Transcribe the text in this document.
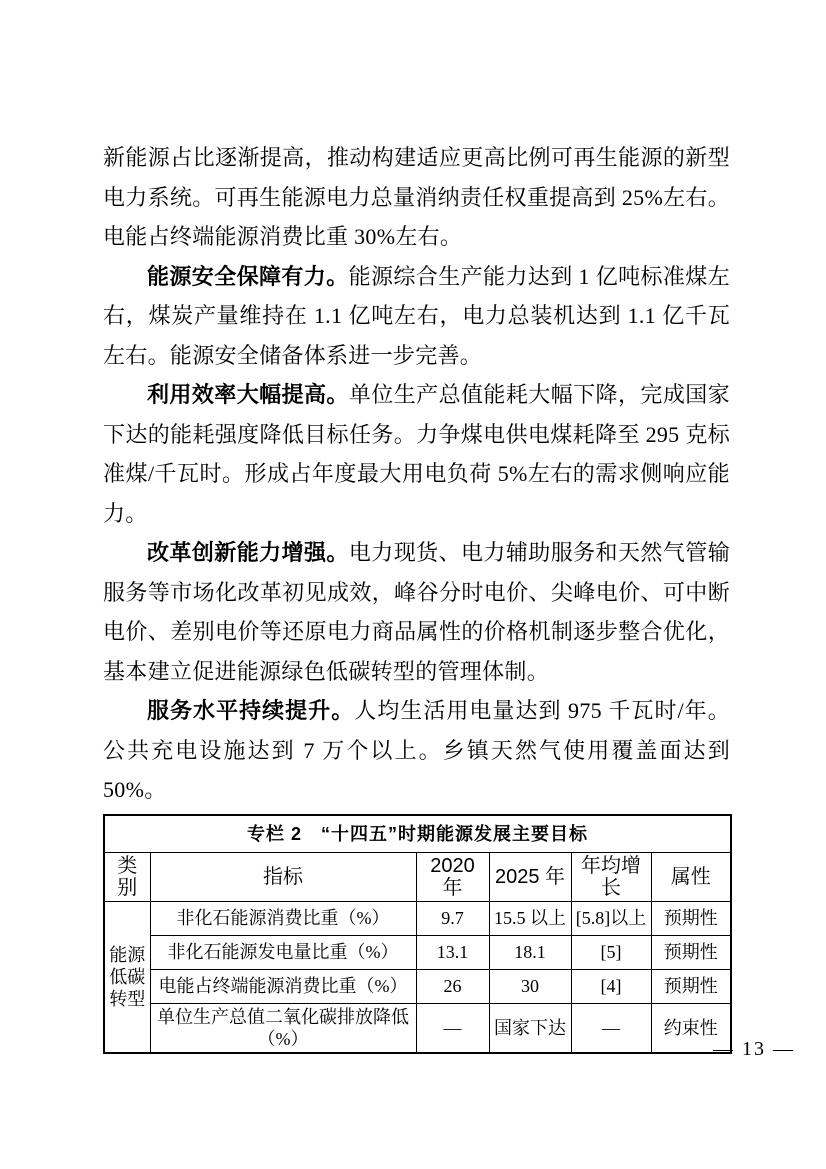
新能源占比逐渐提高，推动构建适应更高比例可再生能源的新型电力系统。可再生能源电力总量消纳责任权重提高到 25%左右。电能占终端能源消费比重 30%左右。

能源安全保障有力。能源综合生产能力达到 1 亿吨标准煤左右，煤炭产量维持在 1.1 亿吨左右，电力总装机达到 1.1 亿千瓦左右。能源安全储备体系进一步完善。

利用效率大幅提高。单位生产总值能耗大幅下降，完成国家下达的能耗强度降低目标任务。力争煤电供电煤耗降至 295 克标准煤/千瓦时。形成占年度最大用电负荷 5%左右的需求侧响应能力。

改革创新能力增强。电力现货、电力辅助服务和天然气管输服务等市场化改革初见成效，峰谷分时电价、尖峰电价、可中断电价、差别电价等还原电力商品属性的价格机制逐步整合优化，基本建立促进能源绿色低碳转型的管理体制。

服务水平持续提升。人均生活用电量达到 975 千瓦时/年。公共充电设施达到 7 万个以上。乡镇天然气使用覆盖面达到50%。

专栏 2　“十四五”时期能源发展主要目标					
类别	指标	2020 年	2025 年	年均增长	属性
能源低碳转型	非化石能源消费比重（%）	9.7	15.5 以上	[5.8]以上	预期性
	非化石能源发电量比重（%）	13.1	18.1	[5]	预期性
	电能占终端能源消费比重（%）	26	30	[4]	预期性
	单位生产总值二氧化碳排放降低（%）	—	国家下达	—	约束性
— 13 —
